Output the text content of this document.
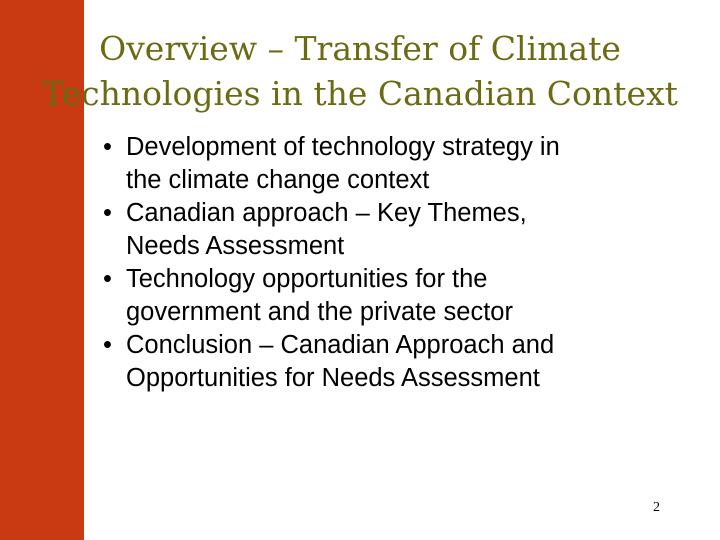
Overview – Transfer of Climate
Technologies in the Canadian Context
• Development of technology strategy in
the climate change context
• Canadian approach – Key Themes,
Needs Assessment
• Technology opportunities for the
government and the private sector
• Conclusion – Canadian Approach and
Opportunities for Needs Assessment
2
